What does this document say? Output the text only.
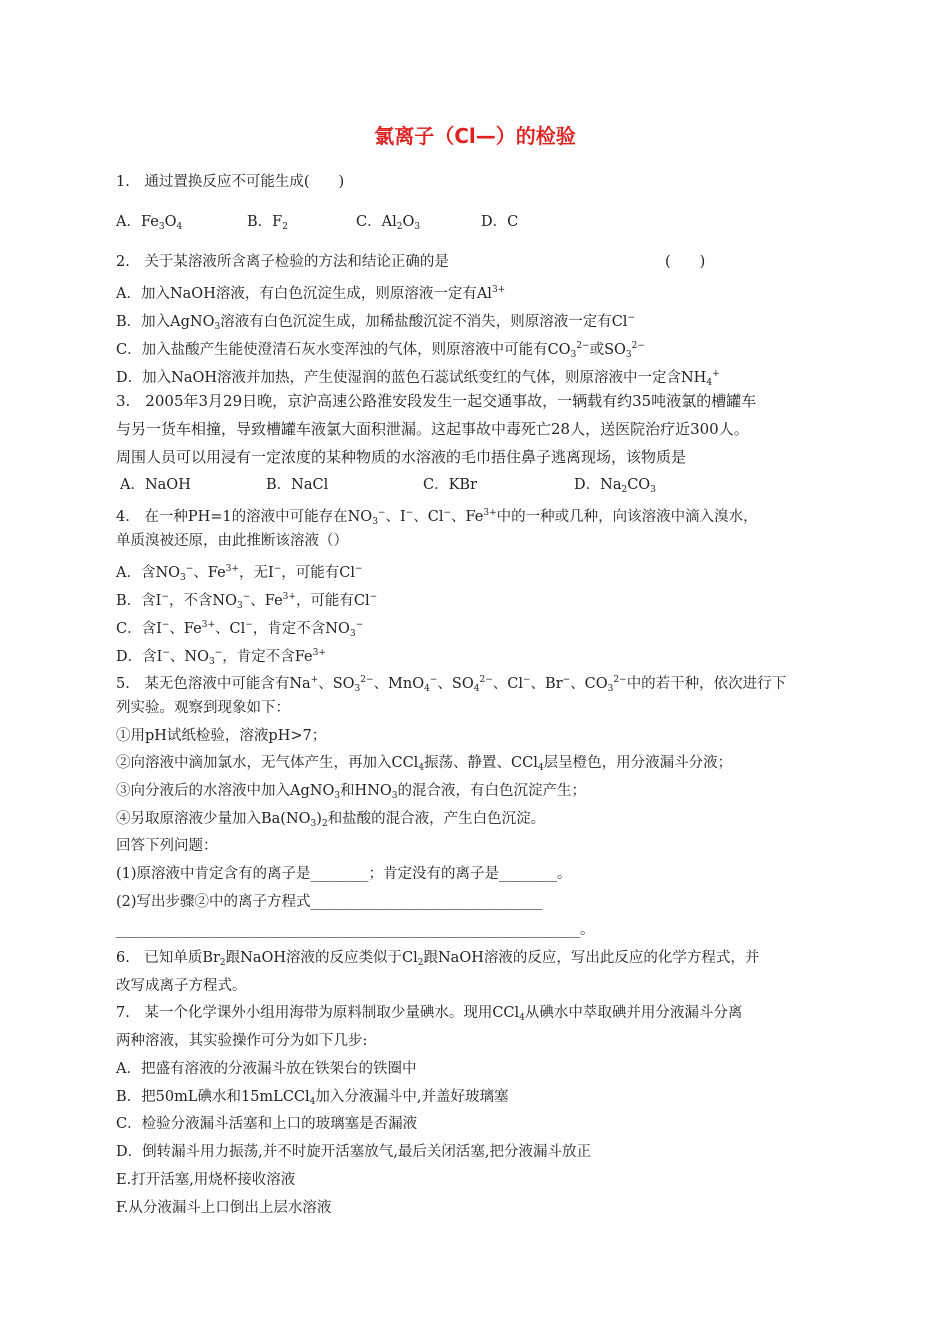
氯离子（Cl—）的检验
1.　通过置换反应不可能生成(　　)
A．$Fe_3O_4$	B．$F_2$	C．$Al_2O_3$	D．C
2.　关于某溶液所含离子检验的方法和结论正确的是	(　　)
A．加入NaOH溶液，有白色沉淀生成，则原溶液一定有$Al^{3+}$
B．加入AgNO$_3$溶液有白色沉淀生成，加稀盐酸沉淀不消失，则原溶液一定有Cl−
C．加入盐酸产生能使澄清石灰水变浑浊的气体，则原溶液中可能有$CO_3^{2-}$或$SO_3^{2-}$
D．加入NaOH溶液并加热，产生使湿润的蓝色石蕊试纸变红的气体，则原溶液中一定含$NH_4^+$
3.　2005年3月29日晚，京沪高速公路淮安段发生一起交通事故，一辆载有约35吨液氯的槽罐车
与另一货车相撞，导致槽罐车液氯大面积泄漏。这起事故中毒死亡28人，送医院治疗近300人。
周围人员可以用浸有一定浓度的某种物质的水溶液的毛巾捂住鼻子逃离现场，该物质是
A．NaOH	B．NaCl	C．KBr	D．$Na_2CO_3$
4.　在一种PH=1的溶液中可能存在$NO_3^-$、I−、Cl−、$Fe^{3+}$中的一种或几种，向该溶液中滴入溴水，
单质溴被还原，由此推断该溶液（）
A．含$NO_3^-$、$Fe^{3+}$，无I−，可能有Cl−
B．含I−，不含$NO_3^-$、$Fe^{3+}$，可能有Cl−
C．含I−、$Fe^{3+}$、Cl−，肯定不含$NO_3^-$
D．含I−、$NO_3^-$，肯定不含$Fe^{3+}$
5.　某无色溶液中可能含有Na+、$SO_3^{2-}$、MnO$_4$−、$SO_4^{2-}$、Cl−、Br−、$CO_3^{2-}$中的若干种，依次进行下
列实验。观察到现象如下：
①用pH试纸检验，溶液pH>7；
②向溶液中滴加氯水，无气体产生，再加入CCl$_4$振荡、静置、CCl$_4$层呈橙色，用分液漏斗分液；
③向分液后的水溶液中加入AgNO$_3$和$HNO_3$的混合液，有白色沉淀产生；
④另取原溶液少量加入$Ba(NO_3)_2$和盐酸的混合液，产生白色沉淀。
回答下列问题：
(1)原溶液中肯定含有的离子是________；肯定没有的离子是________。
(2)写出步骤②中的离子方程式________________________________
________________________________________________________________。
6.　已知单质$Br_2$跟NaOH溶液的反应类似于$Cl_2$跟NaOH溶液的反应，写出此反应的化学方程式，并
改写成离子方程式。
7.　某一个化学课外小组用海带为原料制取少量碘水。现用CCl$_4$从碘水中萃取碘并用分液漏斗分离
两种溶液，其实验操作可分为如下几步:
A．把盛有溶液的分液漏斗放在铁架台的铁圈中
B．把50mL碘水和15mLCCl$_4$加入分液漏斗中,并盖好玻璃塞
C．检验分液漏斗活塞和上口的玻璃塞是否漏液
D．倒转漏斗用力振荡,并不时旋开活塞放气,最后关闭活塞,把分液漏斗放正
E.打开活塞,用烧杯接收溶液
F.从分液漏斗上口倒出上层水溶液
